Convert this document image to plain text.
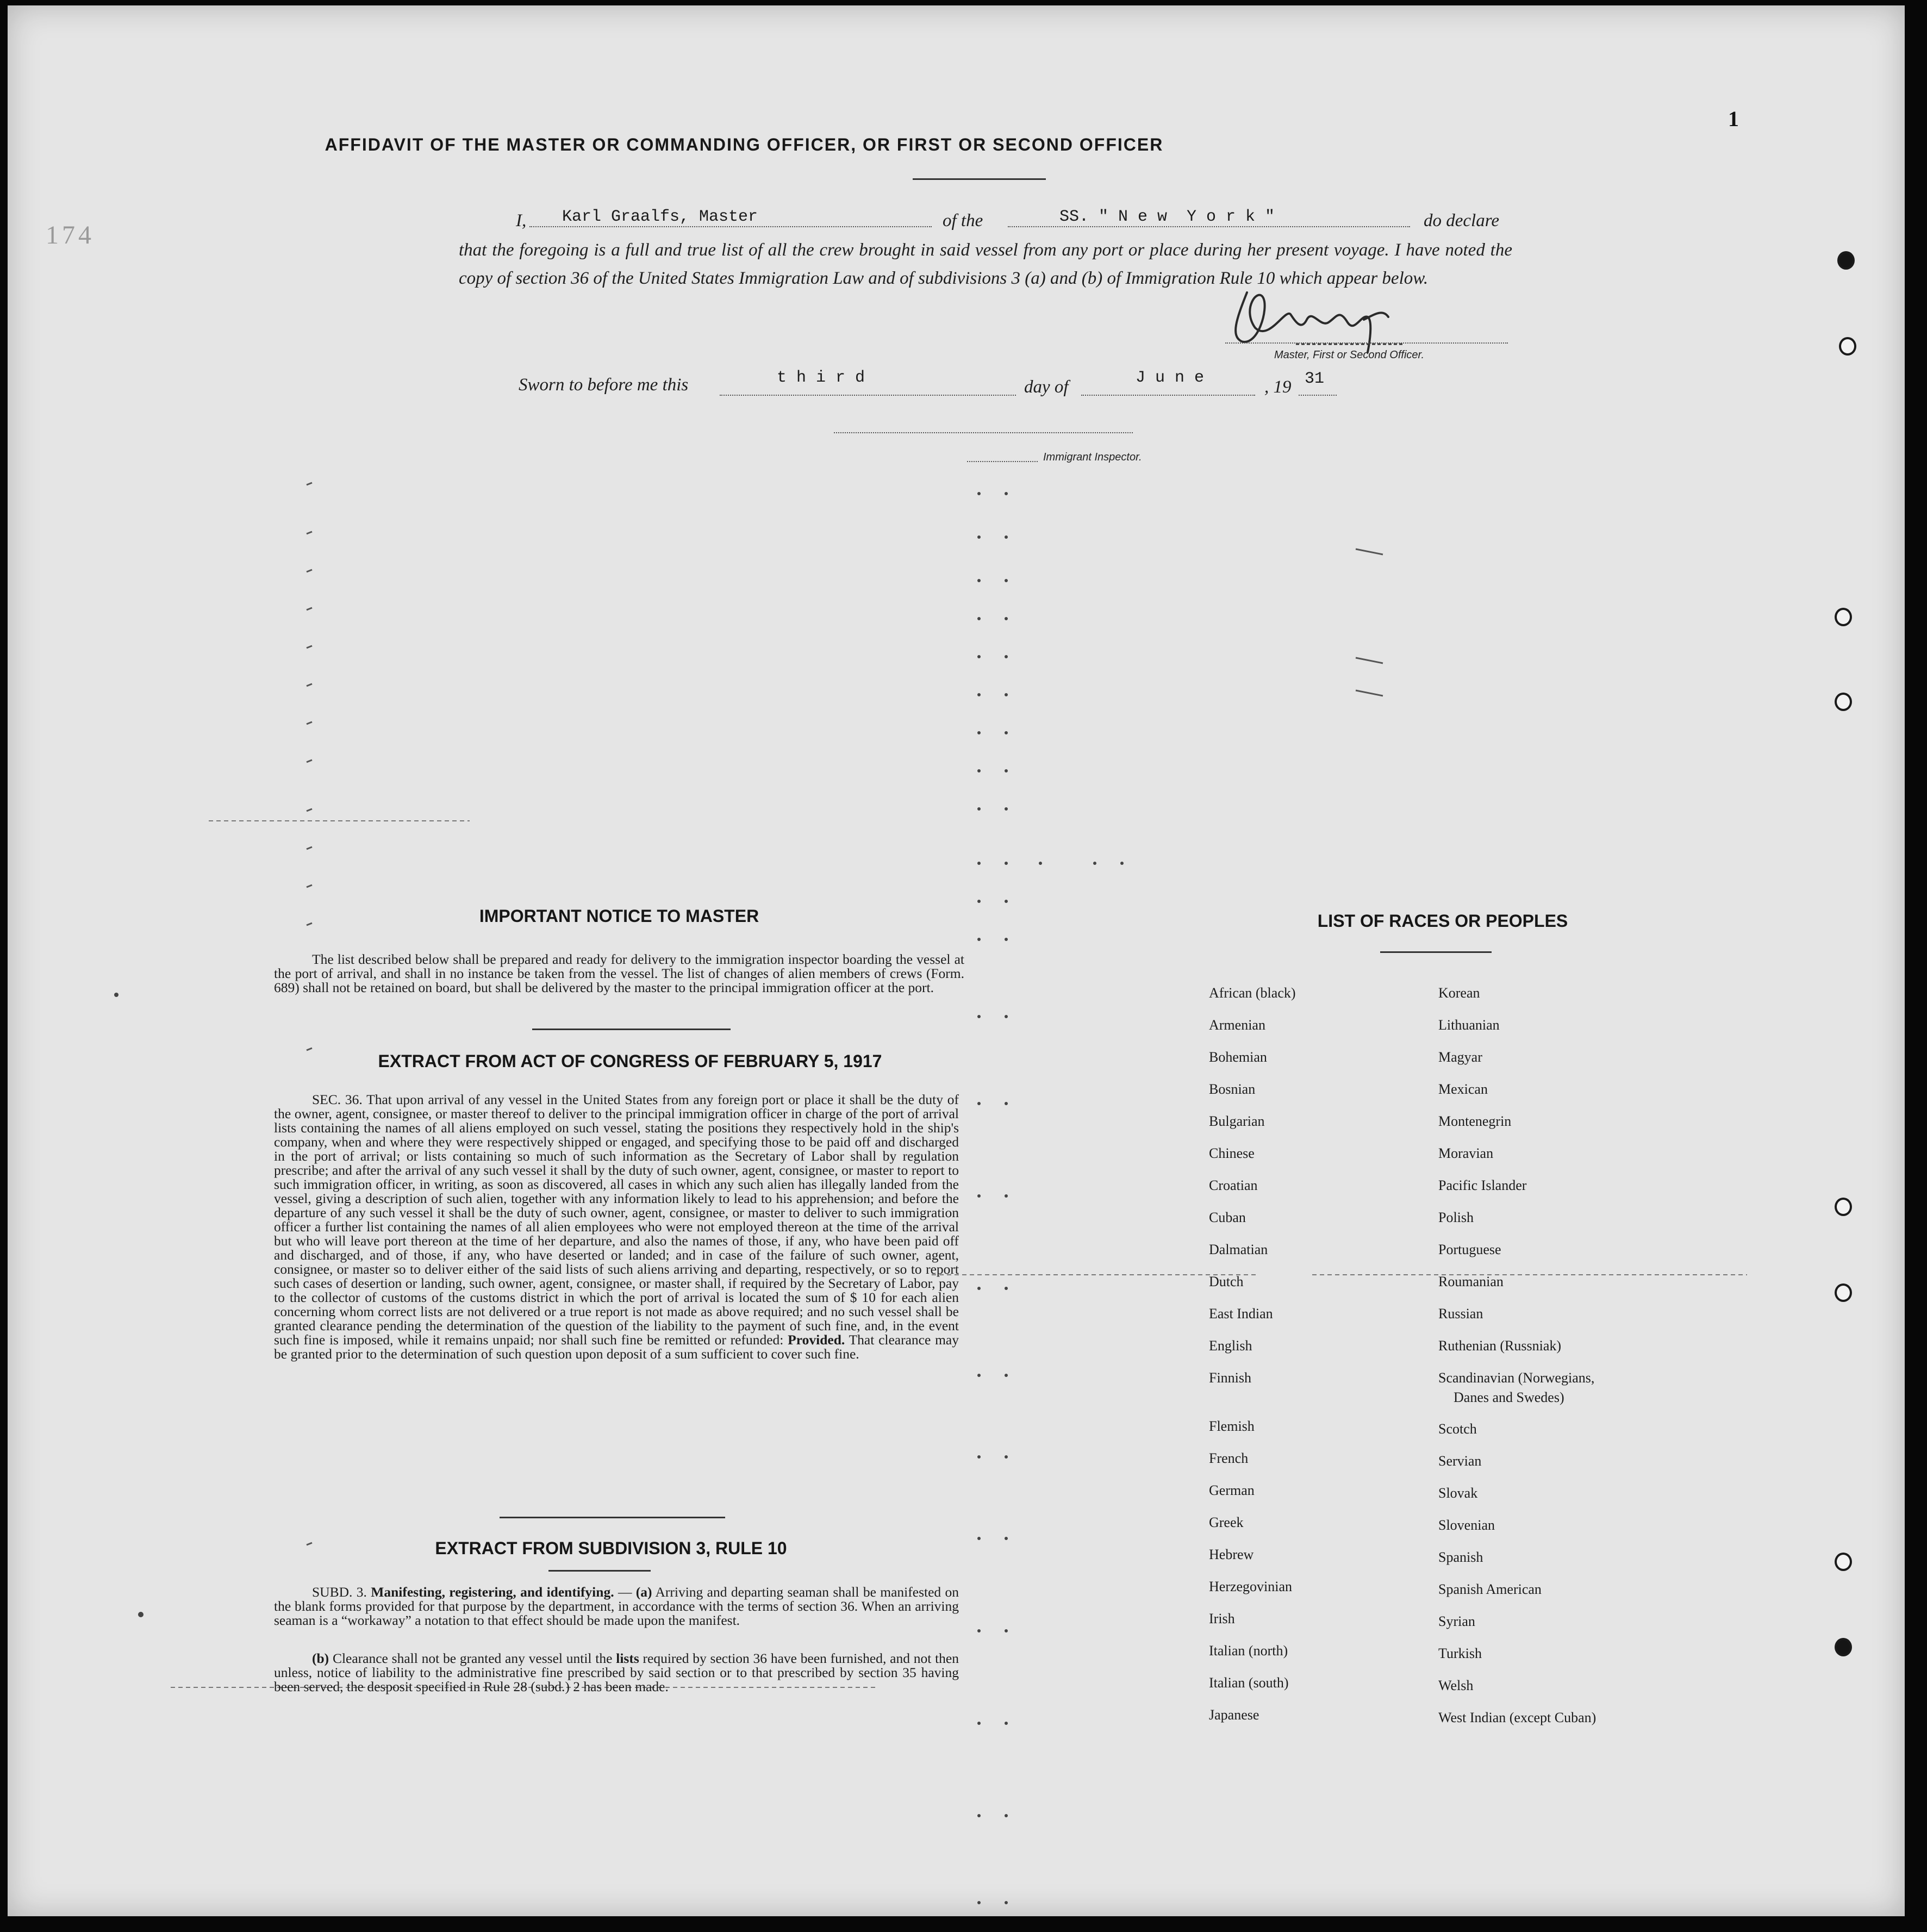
1
174
AFFIDAVIT OF THE MASTER OR COMMANDING OFFICER, OR FIRST OR SECOND OFFICER
I, Karl Graalfs, Master	of the	SS. " N e w  Y o r k "	do declare
that the foregoing is a full and true list of all the crew brought in said vessel from any port or place during her present voyage. I have noted the copy of section 36 of the United States Immigration Law and of subdivisions 3 (a) and (b) of Immigration Rule 10 which appear below.
Master, First or Second Officer.
Sworn to before me this	t h i r d	day of	J u n e	, 19 31
Immigrant Inspector.
IMPORTANT NOTICE TO MASTER
The list described below shall be prepared and ready for delivery to the immigration inspector boarding the vessel at the port of arrival, and shall in no instance be taken from the vessel. The list of changes of alien members of crews (Form. 689) shall not be retained on board, but shall be delivered by the master to the principal immigration officer at the port.
EXTRACT FROM ACT OF CONGRESS OF FEBRUARY 5, 1917
SEC. 36. That upon arrival of any vessel in the United States from any foreign port or place it shall be the duty of the owner, agent, consignee, or master thereof to deliver to the principal immigration officer in charge of the port of arrival lists containing the names of all aliens employed on such vessel, stating the positions they respectively hold in the ship's company, when and where they were respectively shipped or engaged, and specifying those to be paid off and discharged in the port of arrival; or lists containing so much of such information as the Secretary of Labor shall by regulation prescribe; and after the arrival of any such vessel it shall by the duty of such owner, agent, consignee, or master to report to such immigration officer, in writing, as soon as discovered, all cases in which any such alien has illegally landed from the vessel, giving a description of such alien, together with any information likely to lead to his apprehension; and before the departure of any such vessel it shall be the duty of such owner, agent, consignee, or master to deliver to such immigration officer a further list containing the names of all alien employees who were not employed thereon at the time of the arrival but who will leave port thereon at the time of her departure, and also the names of those, if any, who have been paid off and discharged, and of those, if any, who have deserted or landed; and in case of the failure of such owner, agent, consignee, or master so to deliver either of the said lists of such aliens arriving and departing, respectively, or so to report such cases of desertion or landing, such owner, agent, consignee, or master shall, if required by the Secretary of Labor, pay to the collector of customs of the customs district in which the port of arrival is located the sum of $ 10 for each alien concerning whom correct lists are not delivered or a true report is not made as above required; and no such vessel shall be granted clearance pending the determination of the question of the liability to the payment of such fine, and, in the event such fine is imposed, while it remains unpaid; nor shall such fine be remitted or refunded: Provided. That clearance may be granted prior to the determination of such question upon deposit of a sum sufficient to cover such fine.
EXTRACT FROM SUBDIVISION 3, RULE 10
SUBD. 3. Manifesting, registering, and identifying. — (a) Arriving and departing seaman shall be manifested on the blank forms provided for that purpose by the department, in accordance with the terms of section 36. When an arriving seaman is a “workaway” a notation to that effect should be made upon the manifest.
(b) Clearance shall not be granted any vessel until the lists required by section 36 have been furnished, and not then unless, notice of liability to the administrative fine prescribed by said section or to that prescribed by section 35 having been served, the desposit specified in Rule 28 (subd.) 2 has been made.
LIST OF RACES OR PEOPLES
African (black)
Armenian
Bohemian
Bosnian
Bulgarian
Chinese
Croatian
Cuban
Dalmatian
Dutch
East Indian
English
Finnish
Flemish
French
German
Greek
Hebrew
Herzegovinian
Irish
Italian (north)
Italian (south)
Japanese
Korean
Lithuanian
Magyar
Mexican
Montenegrin
Moravian
Pacific Islander
Polish
Portuguese
Roumanian
Russian
Ruthenian (Russniak)
Scandinavian (Norwegians,
Danes and Swedes)
Scotch
Servian
Slovak
Slovenian
Spanish
Spanish American
Syrian
Turkish
Welsh
West Indian (except Cuban)
